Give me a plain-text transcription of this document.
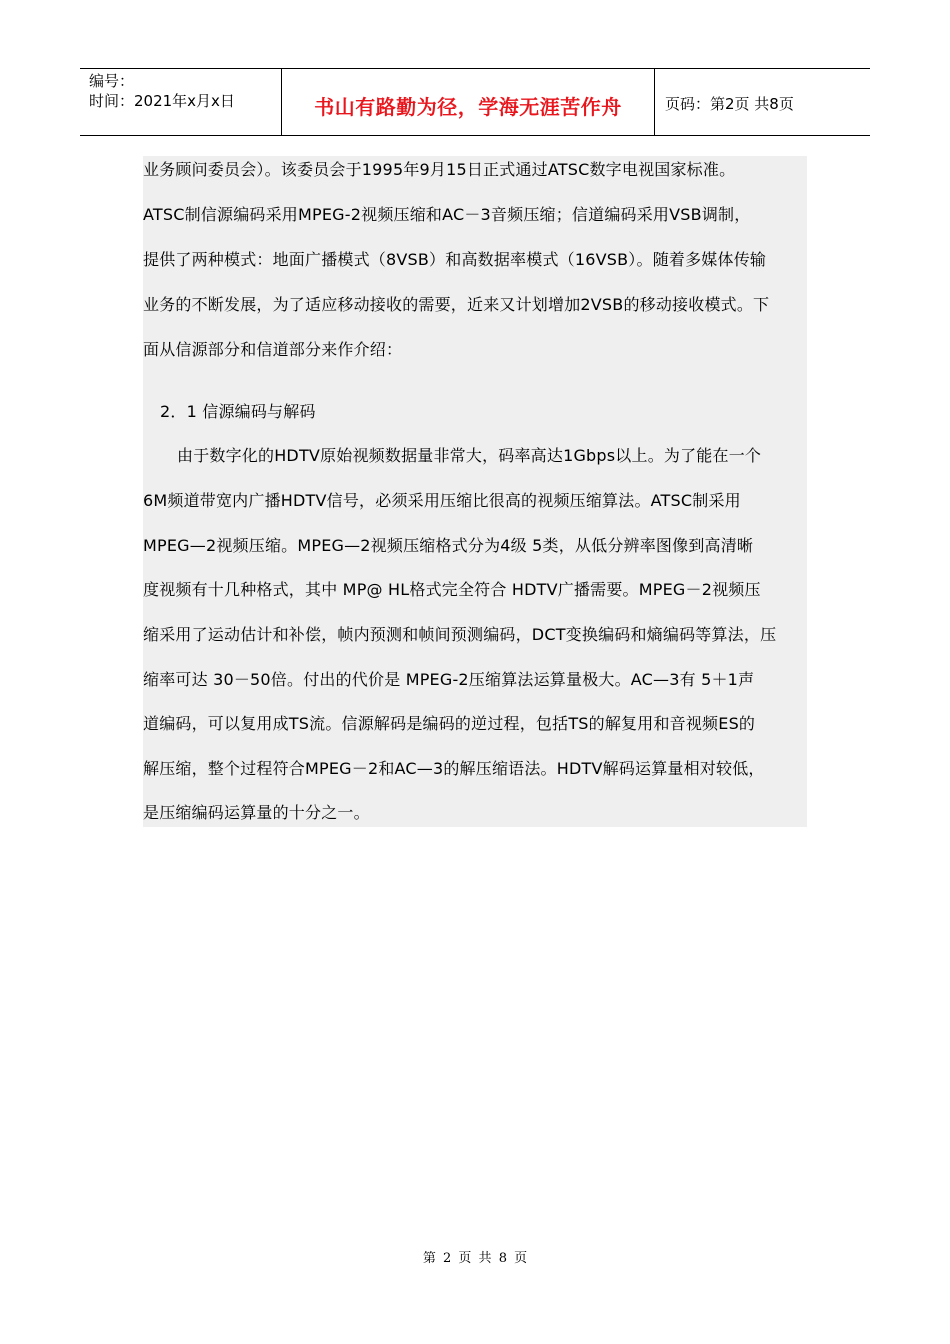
编号：
时间：2021年x月x日	书山有路勤为径，学海无涯苦作舟	页码：第2页 共8页
业务顾问委员会）。该委员会于1995年9月15日正式通过ATSC数字电视国家标准。
ATSC制信源编码采用MPEG-2视频压缩和AC－3音频压缩；信道编码采用VSB调制，
提供了两种模式：地面广播模式（8VSB）和高数据率模式（16VSB）。随着多媒体传输
业务的不断发展，为了适应移动接收的需要，近来又计划增加2VSB的移动接收模式。下
面从信源部分和信道部分来作介绍：
2．1 信源编码与解码
由于数字化的HDTV原始视频数据量非常大，码率高达1Gbps以上。为了能在一个
6M频道带宽内广播HDTV信号，必须采用压缩比很高的视频压缩算法。ATSC制采用
MPEG—2视频压缩。MPEG—2视频压缩格式分为4级 5类，从低分辨率图像到高清晰
度视频有十几种格式，其中 MP@ HL格式完全符合 HDTV广播需要。MPEG－2视频压
缩采用了运动估计和补偿，帧内预测和帧间预测编码，DCT变换编码和熵编码等算法，压
缩率可达 30－50倍。付出的代价是 MPEG-2压缩算法运算量极大。AC—3有 5＋1声
道编码，可以复用成TS流。信源解码是编码的逆过程，包括TS的解复用和音视频ES的
解压缩，整个过程符合MPEG－2和AC—3的解压缩语法。HDTV解码运算量相对较低，
是压缩编码运算量的十分之一。
第 2 页 共 8 页
